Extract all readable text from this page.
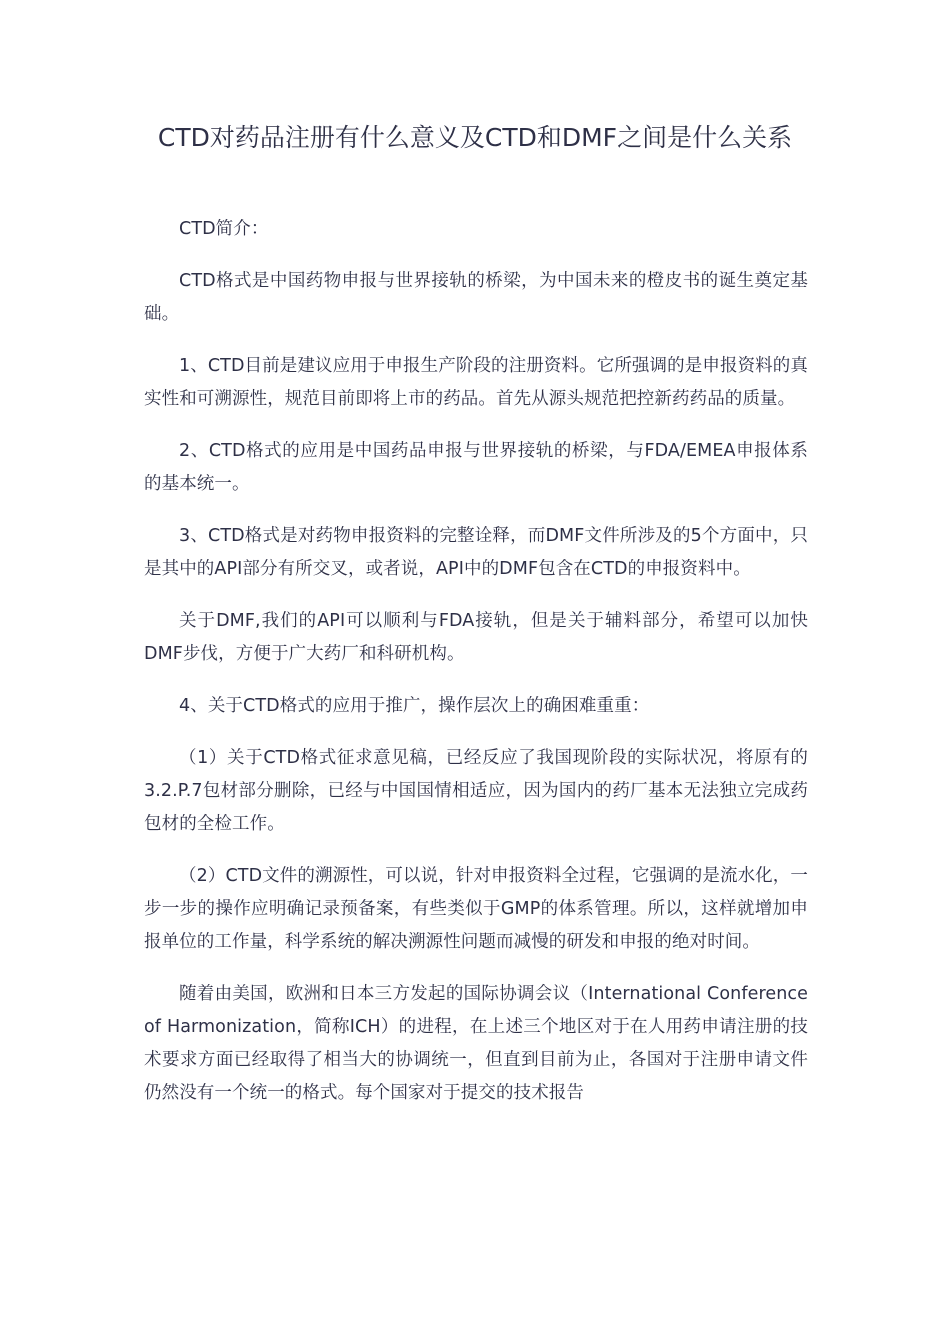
CTD对药品注册有什么意义及CTD和DMF之间是什么关系

CTD简介：

CTD格式是中国药物申报与世界接轨的桥梁，为中国未来的橙皮书的诞生奠定基础。

1、CTD目前是建议应用于申报生产阶段的注册资料。它所强调的是申报资料的真实性和可溯源性，规范目前即将上市的药品。首先从源头规范把控新药药品的质量。

2、CTD格式的应用是中国药品申报与世界接轨的桥梁，与FDA/EMEA申报体系的基本统一。

3、CTD格式是对药物申报资料的完整诠释，而DMF文件所涉及的5个方面中，只是其中的API部分有所交叉，或者说，API中的DMF包含在CTD的申报资料中。

关于DMF,我们的API可以顺利与FDA接轨，但是关于辅料部分，希望可以加快DMF步伐，方便于广大药厂和科研机构。

4、关于CTD格式的应用于推广，操作层次上的确困难重重：

（1）关于CTD格式征求意见稿，已经反应了我国现阶段的实际状况，将原有的3.2.P.7包材部分删除，已经与中国国情相适应，因为国内的药厂基本无法独立完成药包材的全检工作。

（2）CTD文件的溯源性，可以说，针对申报资料全过程，它强调的是流水化，一步一步的操作应明确记录预备案，有些类似于GMP的体系管理。所以，这样就增加申报单位的工作量，科学系统的解决溯源性问题而减慢的研发和申报的绝对时间。

随着由美国，欧洲和日本三方发起的国际协调会议（International Conference of Harmonization，简称ICH）的进程，在上述三个地区对于在人用药申请注册的技术要求方面已经取得了相当大的协调统一，但直到目前为止，各国对于注册申请文件仍然没有一个统一的格式。每个国家对于提交的技术报告
